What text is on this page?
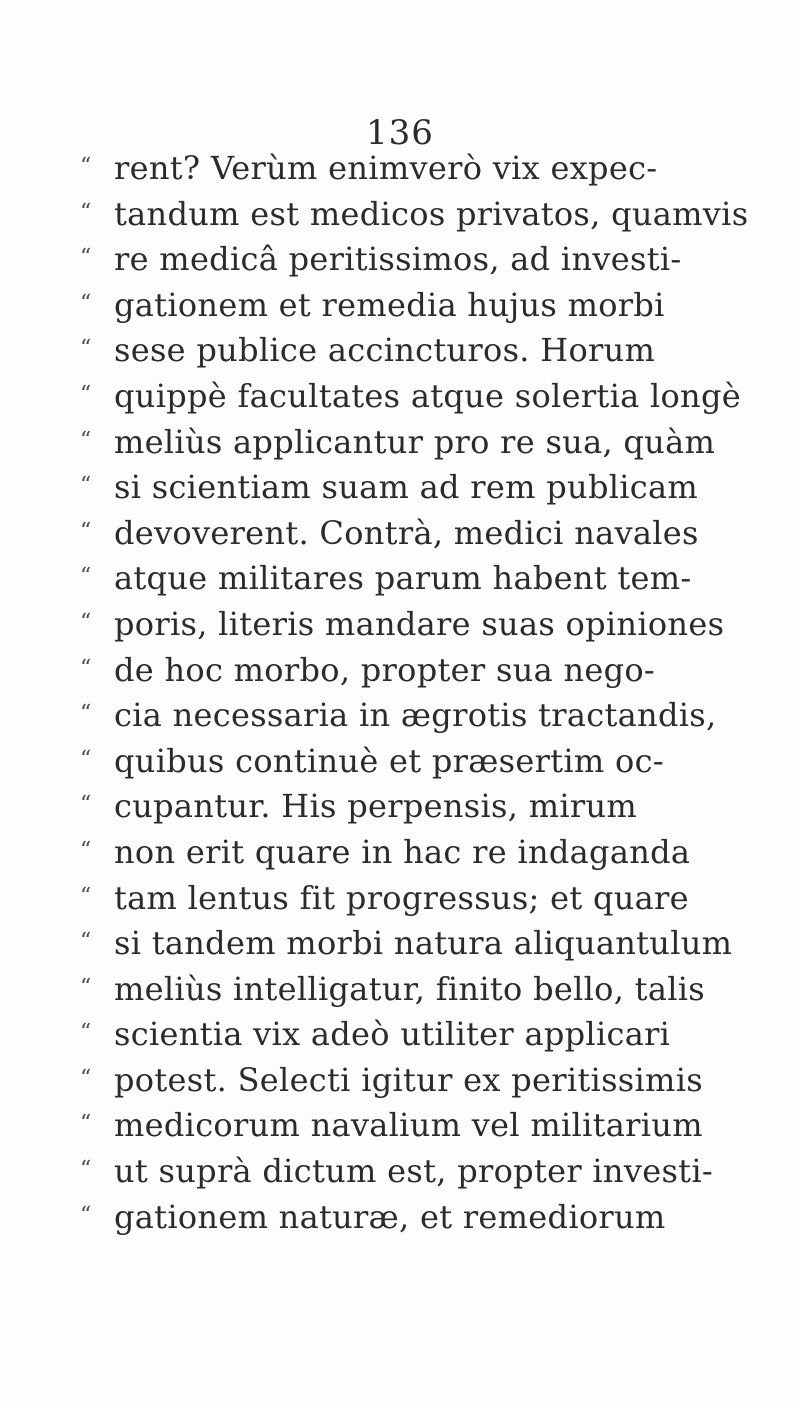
136
“ rent? Verùm enimverò vix expec-
“ tandum est medicos privatos, quamvis
“ re medicâ peritissimos, ad investi-
“ gationem et remedia hujus morbi
“ sese publice accincturos. Horum
“ quippè facultates atque solertia longè
“ meliùs applicantur pro re sua, quàm
“ si scientiam suam ad rem publicam
“ devoverent. Contrà, medici navales
“ atque militares parum habent tem-
“ poris, literis mandare suas opiniones
“ de hoc morbo, propter sua nego-
“ cia necessaria in ægrotis tractandis,
“ quibus continuè et præsertim oc-
“ cupantur. His perpensis, mirum
“ non erit quare in hac re indaganda
“ tam lentus fit progressus; et quare
“ si tandem morbi natura aliquantulum
“ meliùs intelligatur, finito bello, talis
“ scientia vix adeò utiliter applicari
“ potest. Selecti igitur ex peritissimis
“ medicorum navalium vel militarium
“ ut suprà dictum est, propter investi-
“ gationem naturæ, et remediorum
